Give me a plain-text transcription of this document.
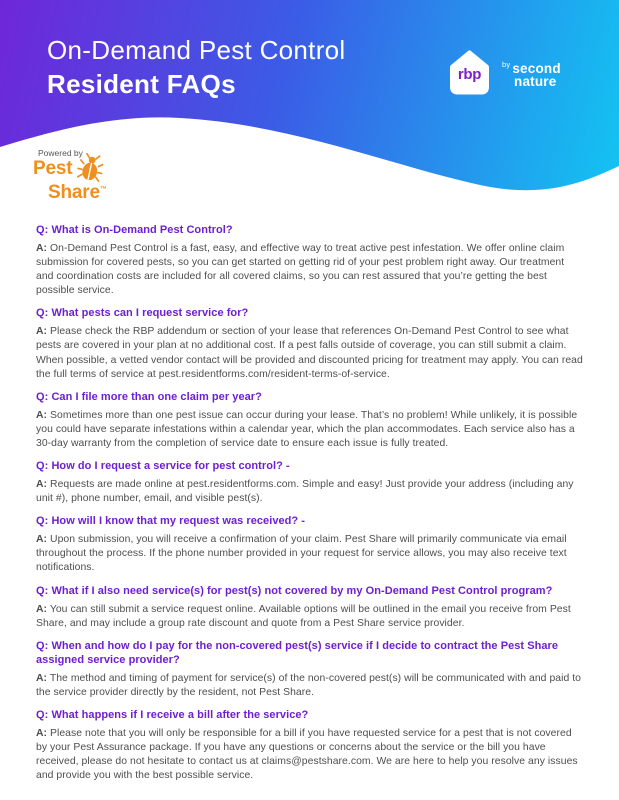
On-Demand Pest Control
Resident FAQs	rbp
$^{by}$ second
nature
Powered by
Pest
Share™
Q: What is On-Demand Pest Control?

A: On-Demand Pest Control is a fast, easy, and effective way to treat active pest infestation. We offer online claim submission for covered pests, so you can get started on getting rid of your pest problem right away. Our treatment and coordination costs are included for all covered claims, so you can rest assured that you’re getting the best possible service.

Q: What pests can I request service for?

A: Please check the RBP addendum or section of your lease that references On-Demand Pest Control to see what pests are covered in your plan at no additional cost. If a pest falls outside of coverage, you can still submit a claim. When possible, a vetted vendor contact will be provided and discounted pricing for treatment may apply. You can read the full terms of service at pest.residentforms.com/resident-terms-of-service.

Q: Can I file more than one claim per year?

A: Sometimes more than one pest issue can occur during your lease. That’s no problem! While unlikely, it is possible you could have separate infestations within a calendar year, which the plan accommodates. Each service also has a 30-day warranty from the completion of service date to ensure each issue is fully treated.

Q: How do I request a service for pest control? -

A: Requests are made online at pest.residentforms.com. Simple and easy! Just provide your address (including any unit #), phone number, email, and visible pest(s).

Q: How will I know that my request was received? -

A: Upon submission, you will receive a confirmation of your claim. Pest Share will primarily communicate via email throughout the process. If the phone number provided in your request for service allows, you may also receive text notifications.

Q: What if I also need service(s) for pest(s) not covered by my On-Demand Pest Control program?

A: You can still submit a service request online. Available options will be outlined in the email you receive from Pest Share, and may include a group rate discount and quote from a Pest Share service provider.

Q: When and how do I pay for the non-covered pest(s) service if I decide to contract the Pest Share assigned service provider?

A: The method and timing of payment for service(s) of the non-covered pest(s) will be communicated with and paid to the service provider directly by the resident, not Pest Share.

Q: What happens if I receive a bill after the service?

A: Please note that you will only be responsible for a bill if you have requested service for a pest that is not covered by your Pest Assurance package. If you have any questions or concerns about the service or the bill you have received, please do not hesitate to contact us at claims@pestshare.com. We are here to help you resolve any issues and provide you with the best possible service.
